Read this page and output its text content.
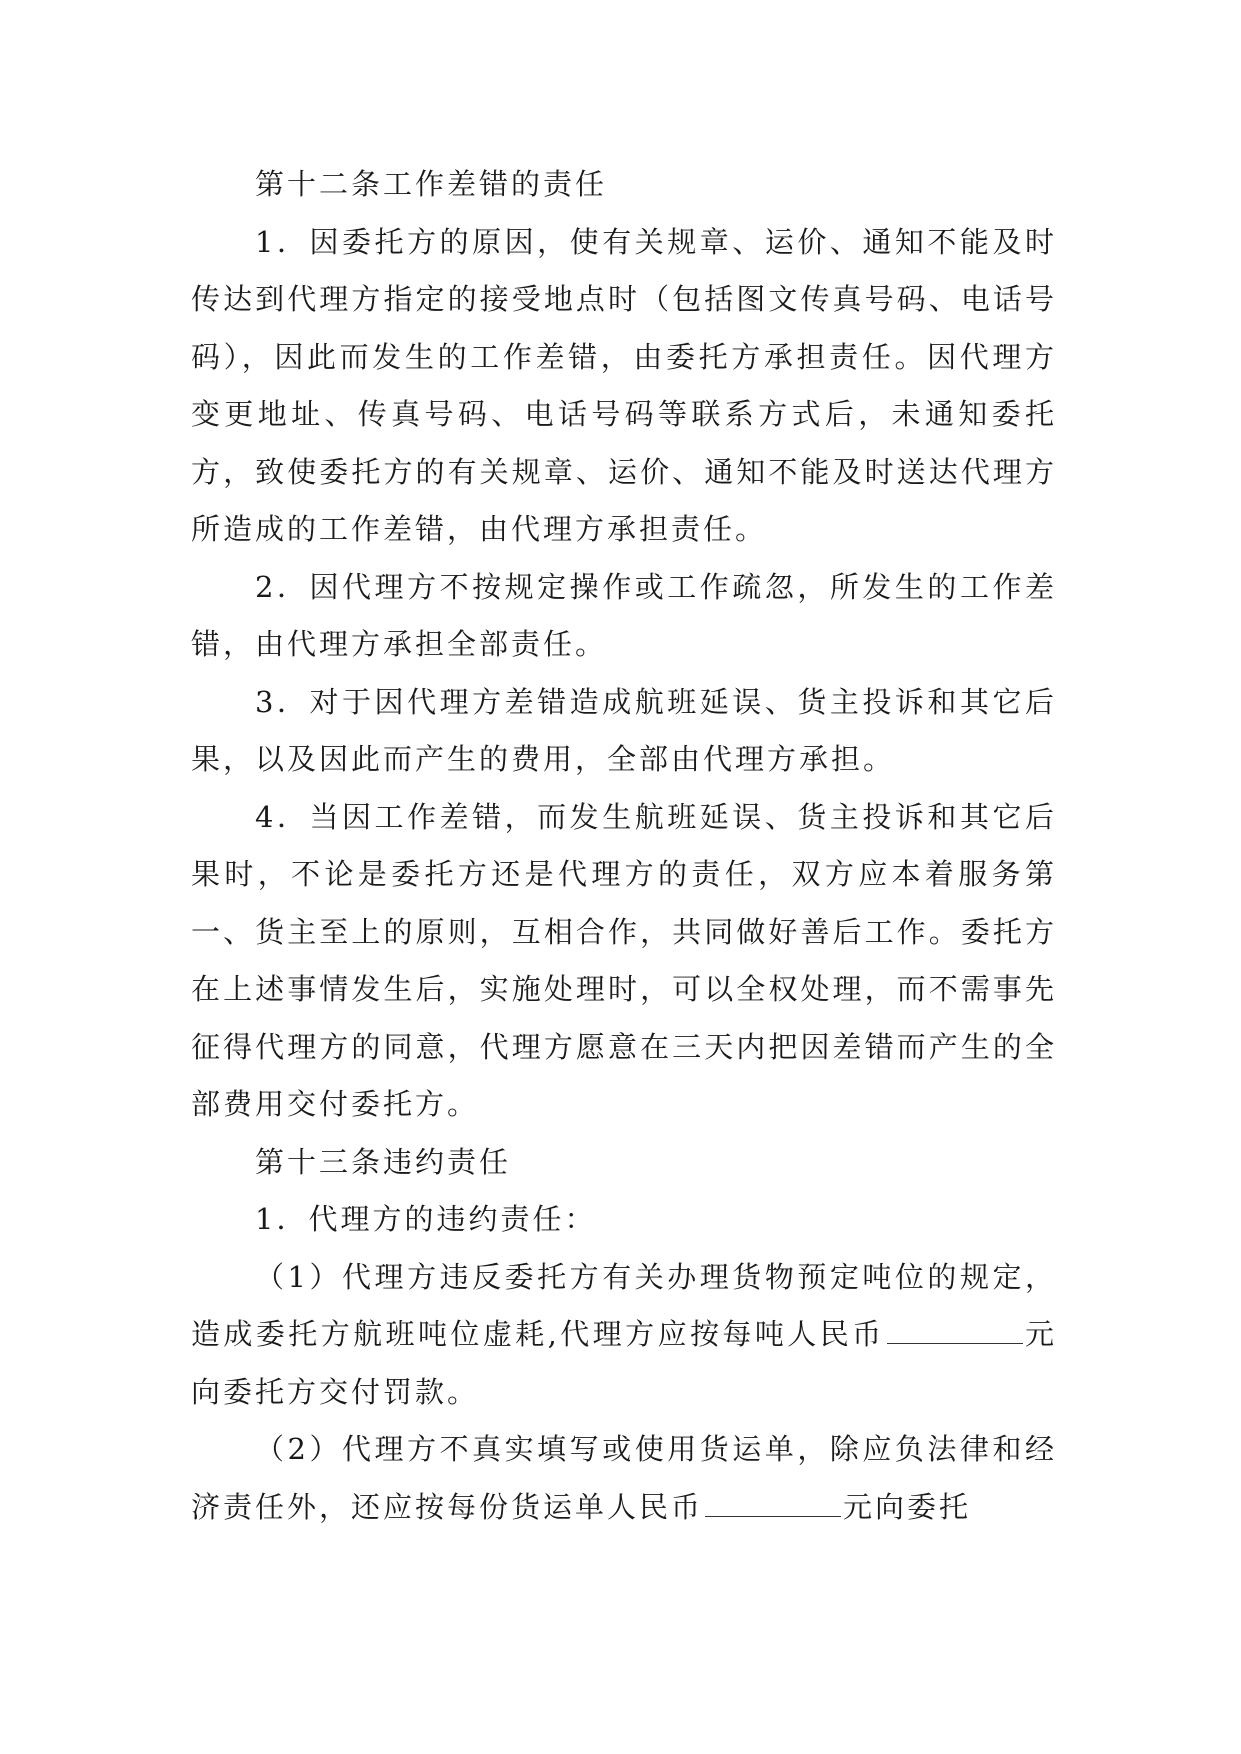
第十二条工作差错的责任

1．因委托方的原因，使有关规章、运价、通知不能及时传达到代理方指定的接受地点时（包括图文传真号码、电话号码），因此而发生的工作差错，由委托方承担责任。因代理方变更地址、传真号码、电话号码等联系方式后，未通知委托方，致使委托方的有关规章、运价、通知不能及时送达代理方所造成的工作差错，由代理方承担责任。

2．因代理方不按规定操作或工作疏忽，所发生的工作差错，由代理方承担全部责任。

3．对于因代理方差错造成航班延误、货主投诉和其它后果，以及因此而产生的费用，全部由代理方承担。

4．当因工作差错，而发生航班延误、货主投诉和其它后果时，不论是委托方还是代理方的责任，双方应本着服务第一、货主至上的原则，互相合作，共同做好善后工作。委托方在上述事情发生后，实施处理时，可以全权处理，而不需事先征得代理方的同意，代理方愿意在三天内把因差错而产生的全部费用交付委托方。

第十三条违约责任

1．代理方的违约责任：

（1）代理方违反委托方有关办理货物预定吨位的规定，造成委托方航班吨位虚耗,代理方应按每吨人民币	元向委托方交付罚款。

（2）代理方不真实填写或使用货运单，除应负法律和经济责任外，还应按每份货运单人民币	元向委托
